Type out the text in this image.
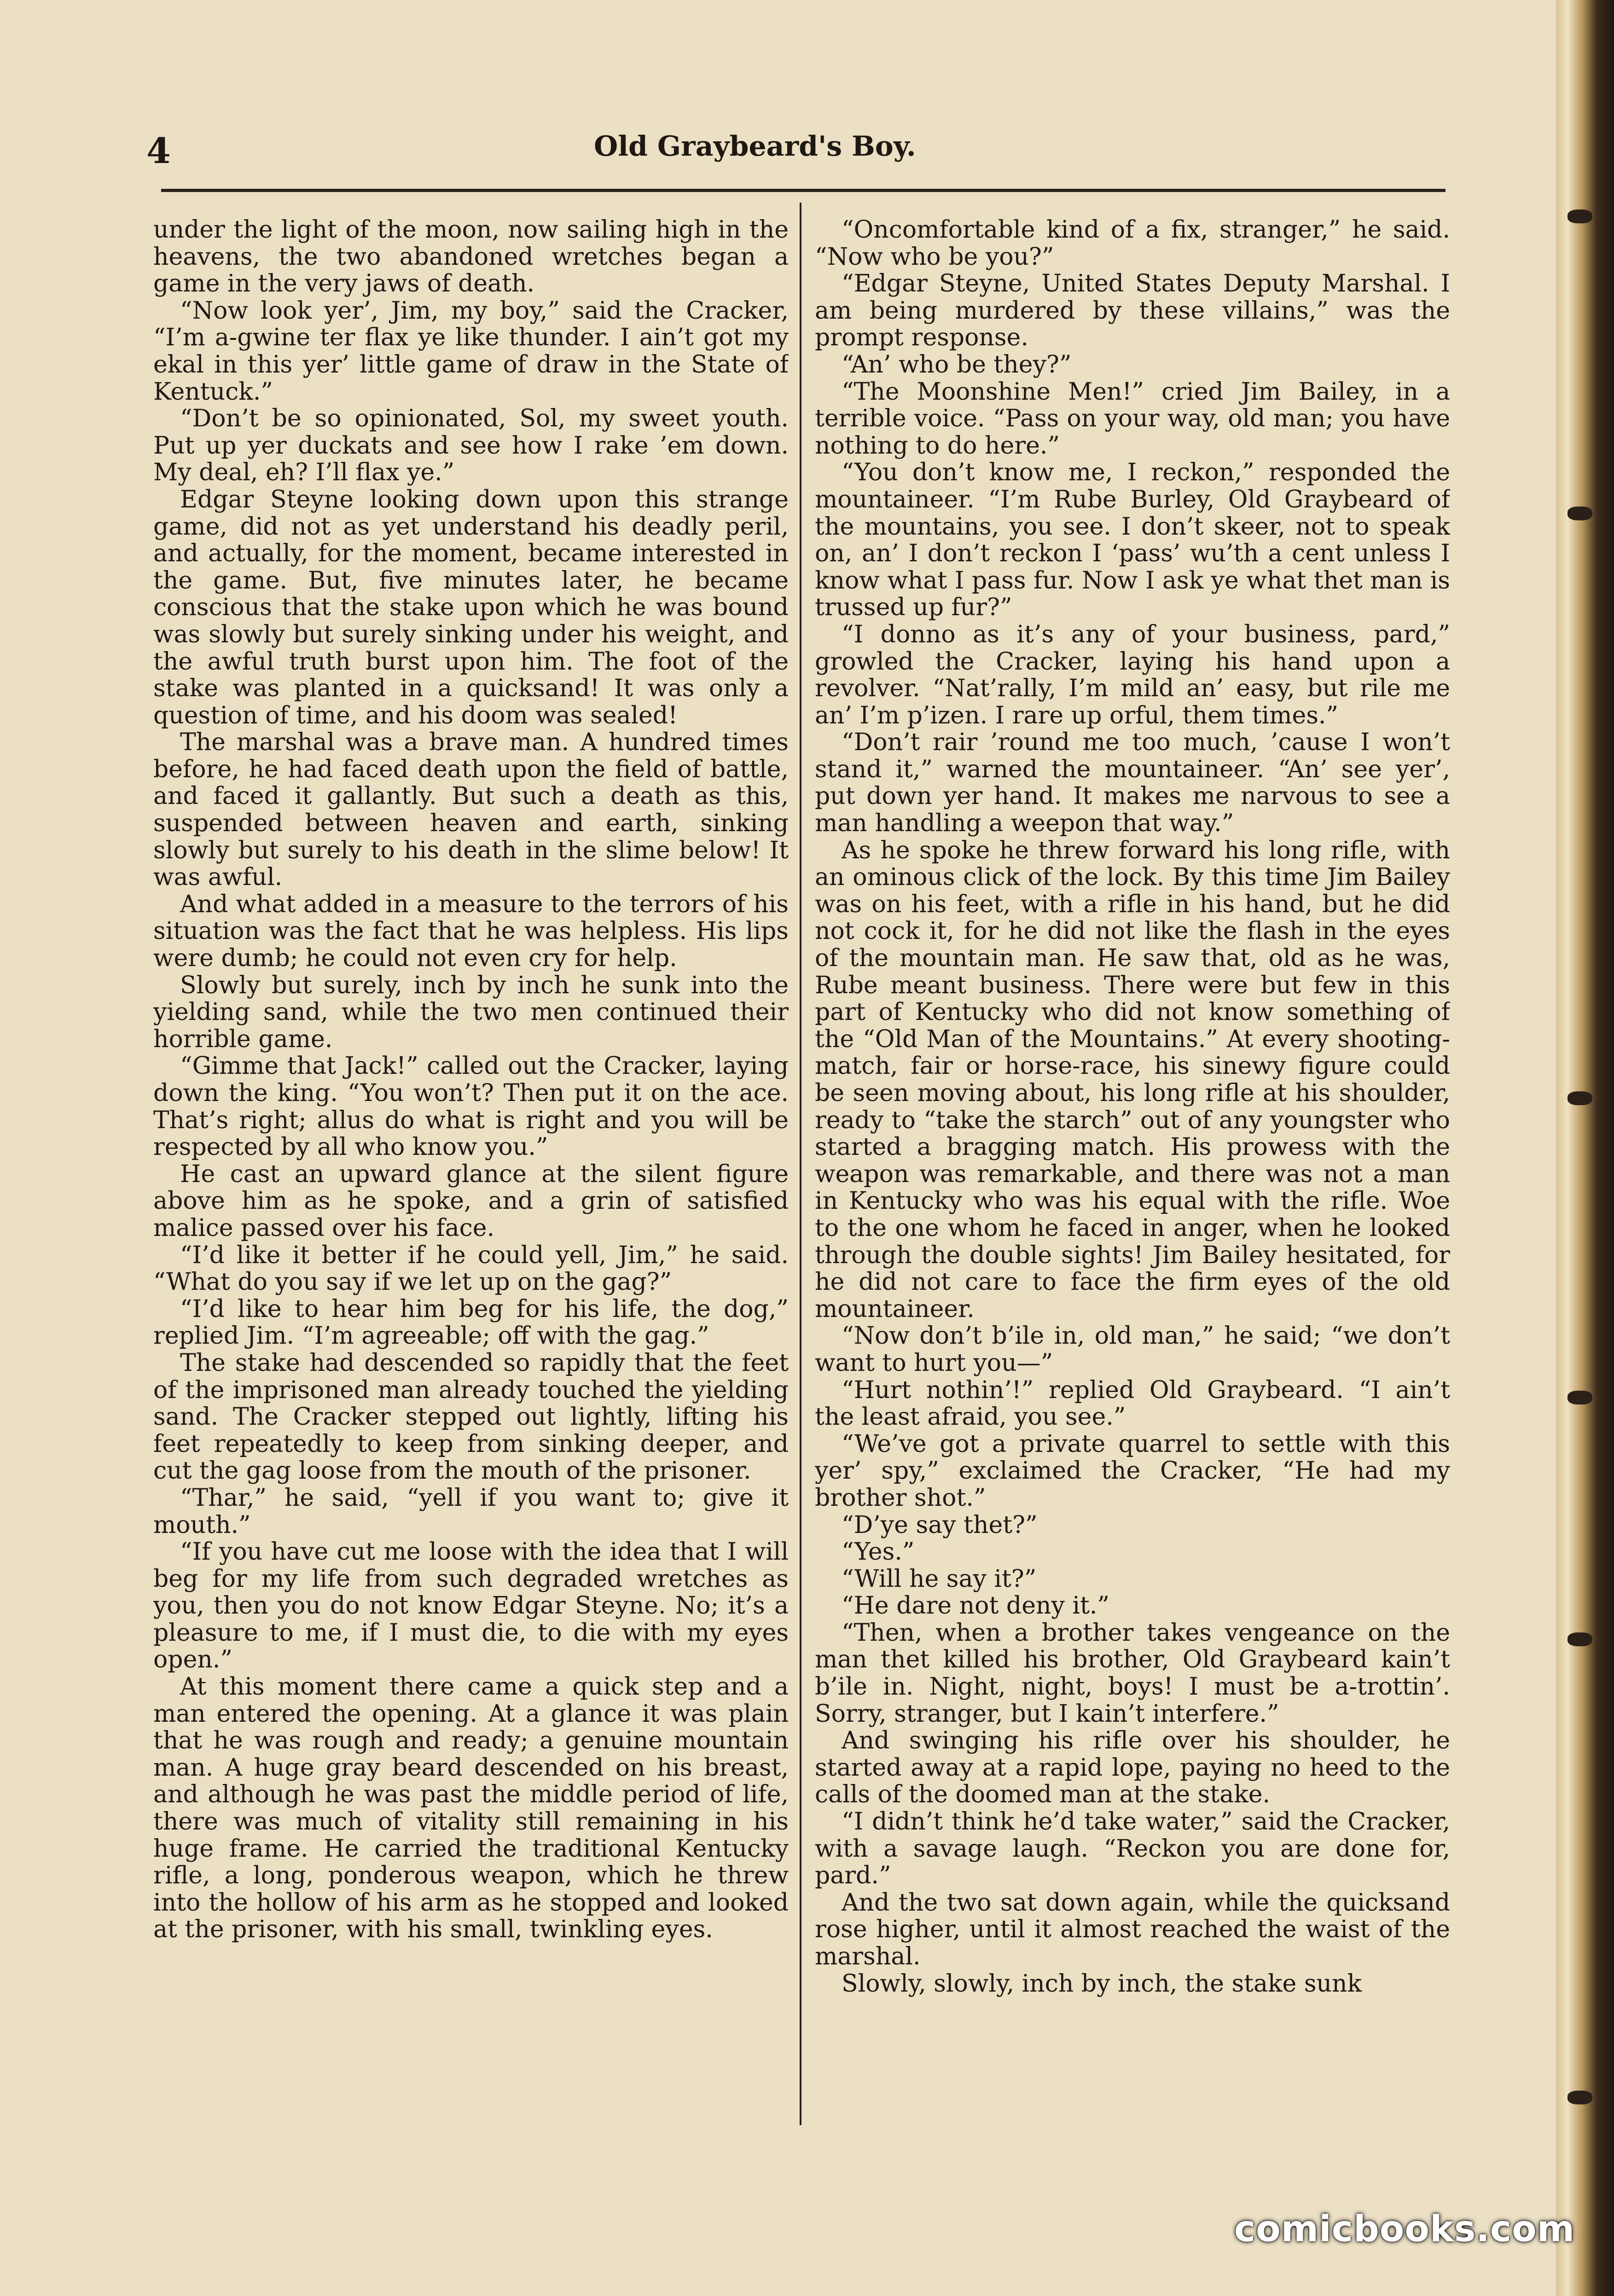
4	Old Graybeard's Boy.

under the light of the moon, now sailing high in the heavens, the two abandoned wretches began a game in the very jaws of death.

“Now look yer’, Jim, my boy,” said the Cracker, “I’m a-gwine ter flax ye like thunder. I ain’t got my ekal in this yer’ little game of draw in the State of Kentuck.”

“Don’t be so opinionated, Sol, my sweet youth. Put up yer duckats and see how I rake ’em down. My deal, eh? I’ll flax ye.”

Edgar Steyne looking down upon this strange game, did not as yet understand his deadly peril, and actually, for the moment, became interested in the game. But, five minutes later, he became conscious that the stake upon which he was bound was slowly but surely sinking under his weight, and the awful truth burst upon him. The foot of the stake was planted in a quicksand! It was only a question of time, and his doom was sealed!

The marshal was a brave man. A hundred times before, he had faced death upon the field of battle, and faced it gallantly. But such a death as this, suspended between heaven and earth, sinking slowly but surely to his death in the slime below! It was awful.

And what added in a measure to the terrors of his situation was the fact that he was helpless. His lips were dumb; he could not even cry for help.

Slowly but surely, inch by inch he sunk into the yielding sand, while the two men continued their horrible game.

“Gimme that Jack!” called out the Cracker, laying down the king. “You won’t? Then put it on the ace. That’s right; allus do what is right and you will be respected by all who know you.”

He cast an upward glance at the silent figure above him as he spoke, and a grin of satisfied malice passed over his face.

“I’d like it better if he could yell, Jim,” he said. “What do you say if we let up on the gag?”

“I’d like to hear him beg for his life, the dog,” replied Jim. “I’m agreeable; off with the gag.”

The stake had descended so rapidly that the feet of the imprisoned man already touched the yielding sand. The Cracker stepped out lightly, lifting his feet repeatedly to keep from sinking deeper, and cut the gag loose from the mouth of the prisoner.

“Thar,” he said, “yell if you want to; give it mouth.”

“If you have cut me loose with the idea that I will beg for my life from such degraded wretches as you, then you do not know Edgar Steyne. No; it’s a pleasure to me, if I must die, to die with my eyes open.”

At this moment there came a quick step and a man entered the opening. At a glance it was plain that he was rough and ready; a genuine mountain man. A huge gray beard descended on his breast, and although he was past the middle period of life, there was much of vitality still remaining in his huge frame. He carried the traditional Kentucky rifle, a long, ponderous weapon, which he threw into the hollow of his arm as he stopped and looked at the prisoner, with his small, twinkling eyes.

“Oncomfortable kind of a fix, stranger,” he said. “Now who be you?”

“Edgar Steyne, United States Deputy Marshal. I am being murdered by these villains,” was the prompt response.

“An’ who be they?”

“The Moonshine Men!” cried Jim Bailey, in a terrible voice. “Pass on your way, old man; you have nothing to do here.”

“You don’t know me, I reckon,” responded the mountaineer. “I’m Rube Burley, Old Graybeard of the mountains, you see. I don’t skeer, not to speak on, an’ I don’t reckon I ‘pass’ wu’th a cent unless I know what I pass fur. Now I ask ye what thet man is trussed up fur?”

“I donno as it’s any of your business, pard,” growled the Cracker, laying his hand upon a revolver. “Nat’rally, I’m mild an’ easy, but rile me an’ I’m p’izen. I rare up orful, them times.”

“Don’t rair ’round me too much, ’cause I won’t stand it,” warned the mountaineer. “An’ see yer’, put down yer hand. It makes me narvous to see a man handling a weepon that way.”

As he spoke he threw forward his long rifle, with an ominous click of the lock. By this time Jim Bailey was on his feet, with a rifle in his hand, but he did not cock it, for he did not like the flash in the eyes of the mountain man. He saw that, old as he was, Rube meant business. There were but few in this part of Kentucky who did not know something of the “Old Man of the Mountains.” At every shooting-match, fair or horse-race, his sinewy figure could be seen moving about, his long rifle at his shoulder, ready to “take the starch” out of any youngster who started a bragging match. His prowess with the weapon was remarkable, and there was not a man in Kentucky who was his equal with the rifle. Woe to the one whom he faced in anger, when he looked through the double sights! Jim Bailey hesitated, for he did not care to face the firm eyes of the old mountaineer.

“Now don’t b’ile in, old man,” he said; “we don’t want to hurt you—”

“Hurt nothin’!” replied Old Graybeard. “I ain’t the least afraid, you see.”

“We’ve got a private quarrel to settle with this yer’ spy,” exclaimed the Cracker, “He had my brother shot.”

“D’ye say thet?”

“Yes.”

“Will he say it?”

“He dare not deny it.”

“Then, when a brother takes vengeance on the man thet killed his brother, Old Graybeard kain’t b’ile in. Night, night, boys! I must be a-trottin’. Sorry, stranger, but I kain’t interfere.”

And swinging his rifle over his shoulder, he started away at a rapid lope, paying no heed to the calls of the doomed man at the stake.

“I didn’t think he’d take water,” said the Cracker, with a savage laugh. “Reckon you are done for, pard.”

And the two sat down again, while the quicksand rose higher, until it almost reached the waist of the marshal.

Slowly, slowly, inch by inch, the stake sunk

comicbooks.com
